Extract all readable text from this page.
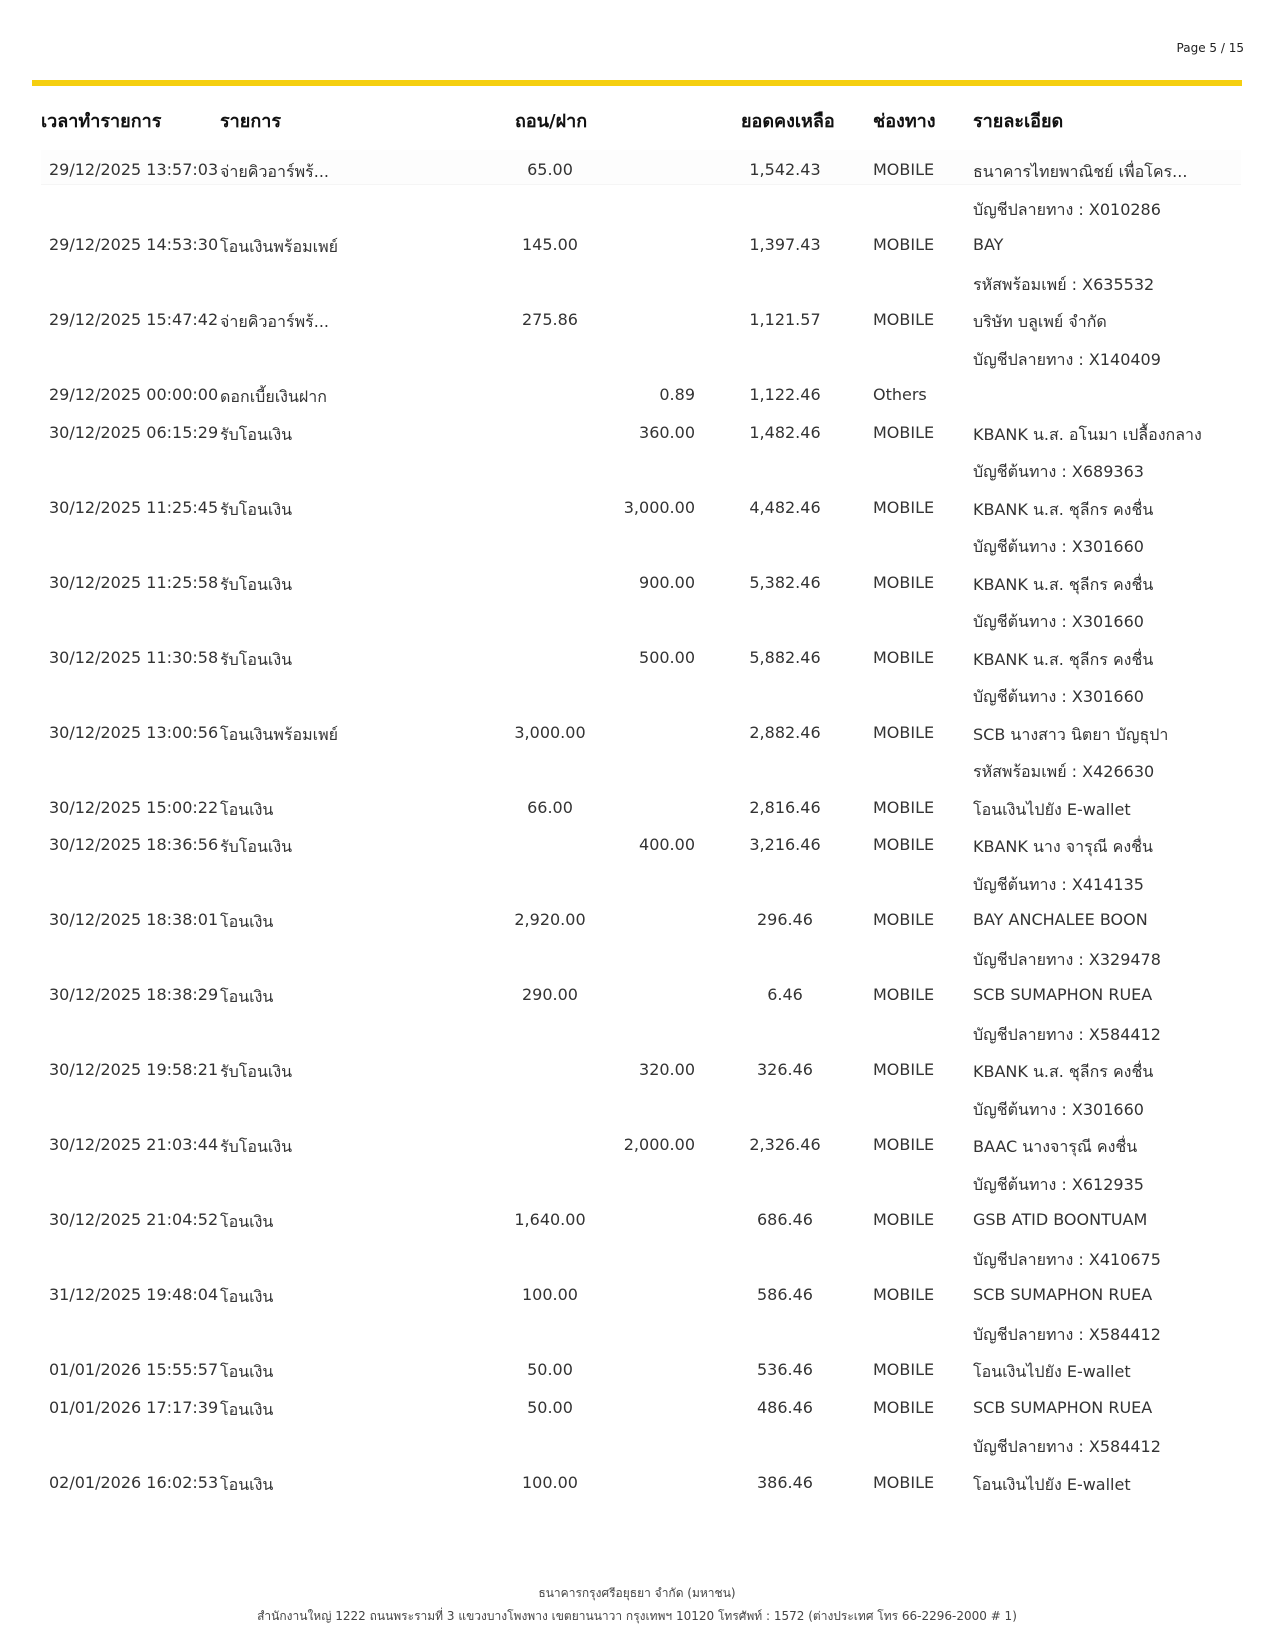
Page 5 / 15
เวลาทำรายการ	รายการ	ถอน/ฝาก	ยอดคงเหลือ ช่องทาง รายละเอียด
29/12/2025 13:57:03 จ่ายคิวอาร์พร้...	65.00	1,542.43	MOBILE ธนาคารไทยพาณิชย์ เพื่อโคร...
บัญชีปลายทาง : X010286
29/12/2025 14:53:30 โอนเงินพร้อมเพย์	145.00	1,397.43	MOBILE BAY
รหัสพร้อมเพย์ : X635532
29/12/2025 15:47:42 จ่ายคิวอาร์พร้...	275.86	1,121.57	MOBILE บริษัท บลูเพย์ จำกัด
บัญชีปลายทาง : X140409
29/12/2025 00:00:00 ดอกเบี้ยเงินฝาก	0.89	1,122.46	Others
30/12/2025 06:15:29 รับโอนเงิน	360.00	1,482.46	MOBILE KBANK น.ส. อโนมา เปลื้องกลาง
บัญชีต้นทาง : X689363
30/12/2025 11:25:45 รับโอนเงิน	3,000.00	4,482.46	MOBILE KBANK น.ส. ชุลีกร คงชื่น
บัญชีต้นทาง : X301660
30/12/2025 11:25:58 รับโอนเงิน	900.00	5,382.46	MOBILE KBANK น.ส. ชุลีกร คงชื่น
บัญชีต้นทาง : X301660
30/12/2025 11:30:58 รับโอนเงิน	500.00	5,882.46	MOBILE KBANK น.ส. ชุลีกร คงชื่น
บัญชีต้นทาง : X301660
30/12/2025 13:00:56 โอนเงินพร้อมเพย์	3,000.00	2,882.46	MOBILE SCB นางสาว นิตยา บัญธุปา
รหัสพร้อมเพย์ : X426630
30/12/2025 15:00:22 โอนเงิน	66.00	2,816.46	MOBILE โอนเงินไปยัง E-wallet
30/12/2025 18:36:56 รับโอนเงิน	400.00	3,216.46	MOBILE KBANK นาง จารุณี คงชื่น
บัญชีต้นทาง : X414135
30/12/2025 18:38:01 โอนเงิน	2,920.00	296.46	MOBILE BAY ANCHALEE BOON
บัญชีปลายทาง : X329478
30/12/2025 18:38:29 โอนเงิน	290.00	6.46	MOBILE SCB SUMAPHON RUEA
บัญชีปลายทาง : X584412
30/12/2025 19:58:21 รับโอนเงิน	320.00	326.46	MOBILE KBANK น.ส. ชุลีกร คงชื่น
บัญชีต้นทาง : X301660
30/12/2025 21:03:44 รับโอนเงิน	2,000.00	2,326.46	MOBILE BAAC นางจารุณี คงชื่น
บัญชีต้นทาง : X612935
30/12/2025 21:04:52 โอนเงิน	1,640.00	686.46	MOBILE GSB ATID BOONTUAM
บัญชีปลายทาง : X410675
31/12/2025 19:48:04 โอนเงิน	100.00	586.46	MOBILE SCB SUMAPHON RUEA
บัญชีปลายทาง : X584412
01/01/2026 15:55:57 โอนเงิน	50.00	536.46	MOBILE โอนเงินไปยัง E-wallet
01/01/2026 17:17:39 โอนเงิน	50.00	486.46	MOBILE SCB SUMAPHON RUEA
บัญชีปลายทาง : X584412
02/01/2026 16:02:53 โอนเงิน	100.00	386.46	MOBILE โอนเงินไปยัง E-wallet
ธนาคารกรุงศรีอยุธยา จำกัด (มหาชน)
สำนักงานใหญ่ 1222 ถนนพระรามที่ 3 แขวงบางโพงพาง เขตยานนาวา กรุงเทพฯ 10120 โทรศัพท์ : 1572 (ต่างประเทศ โทร 66-2296-2000 # 1)
